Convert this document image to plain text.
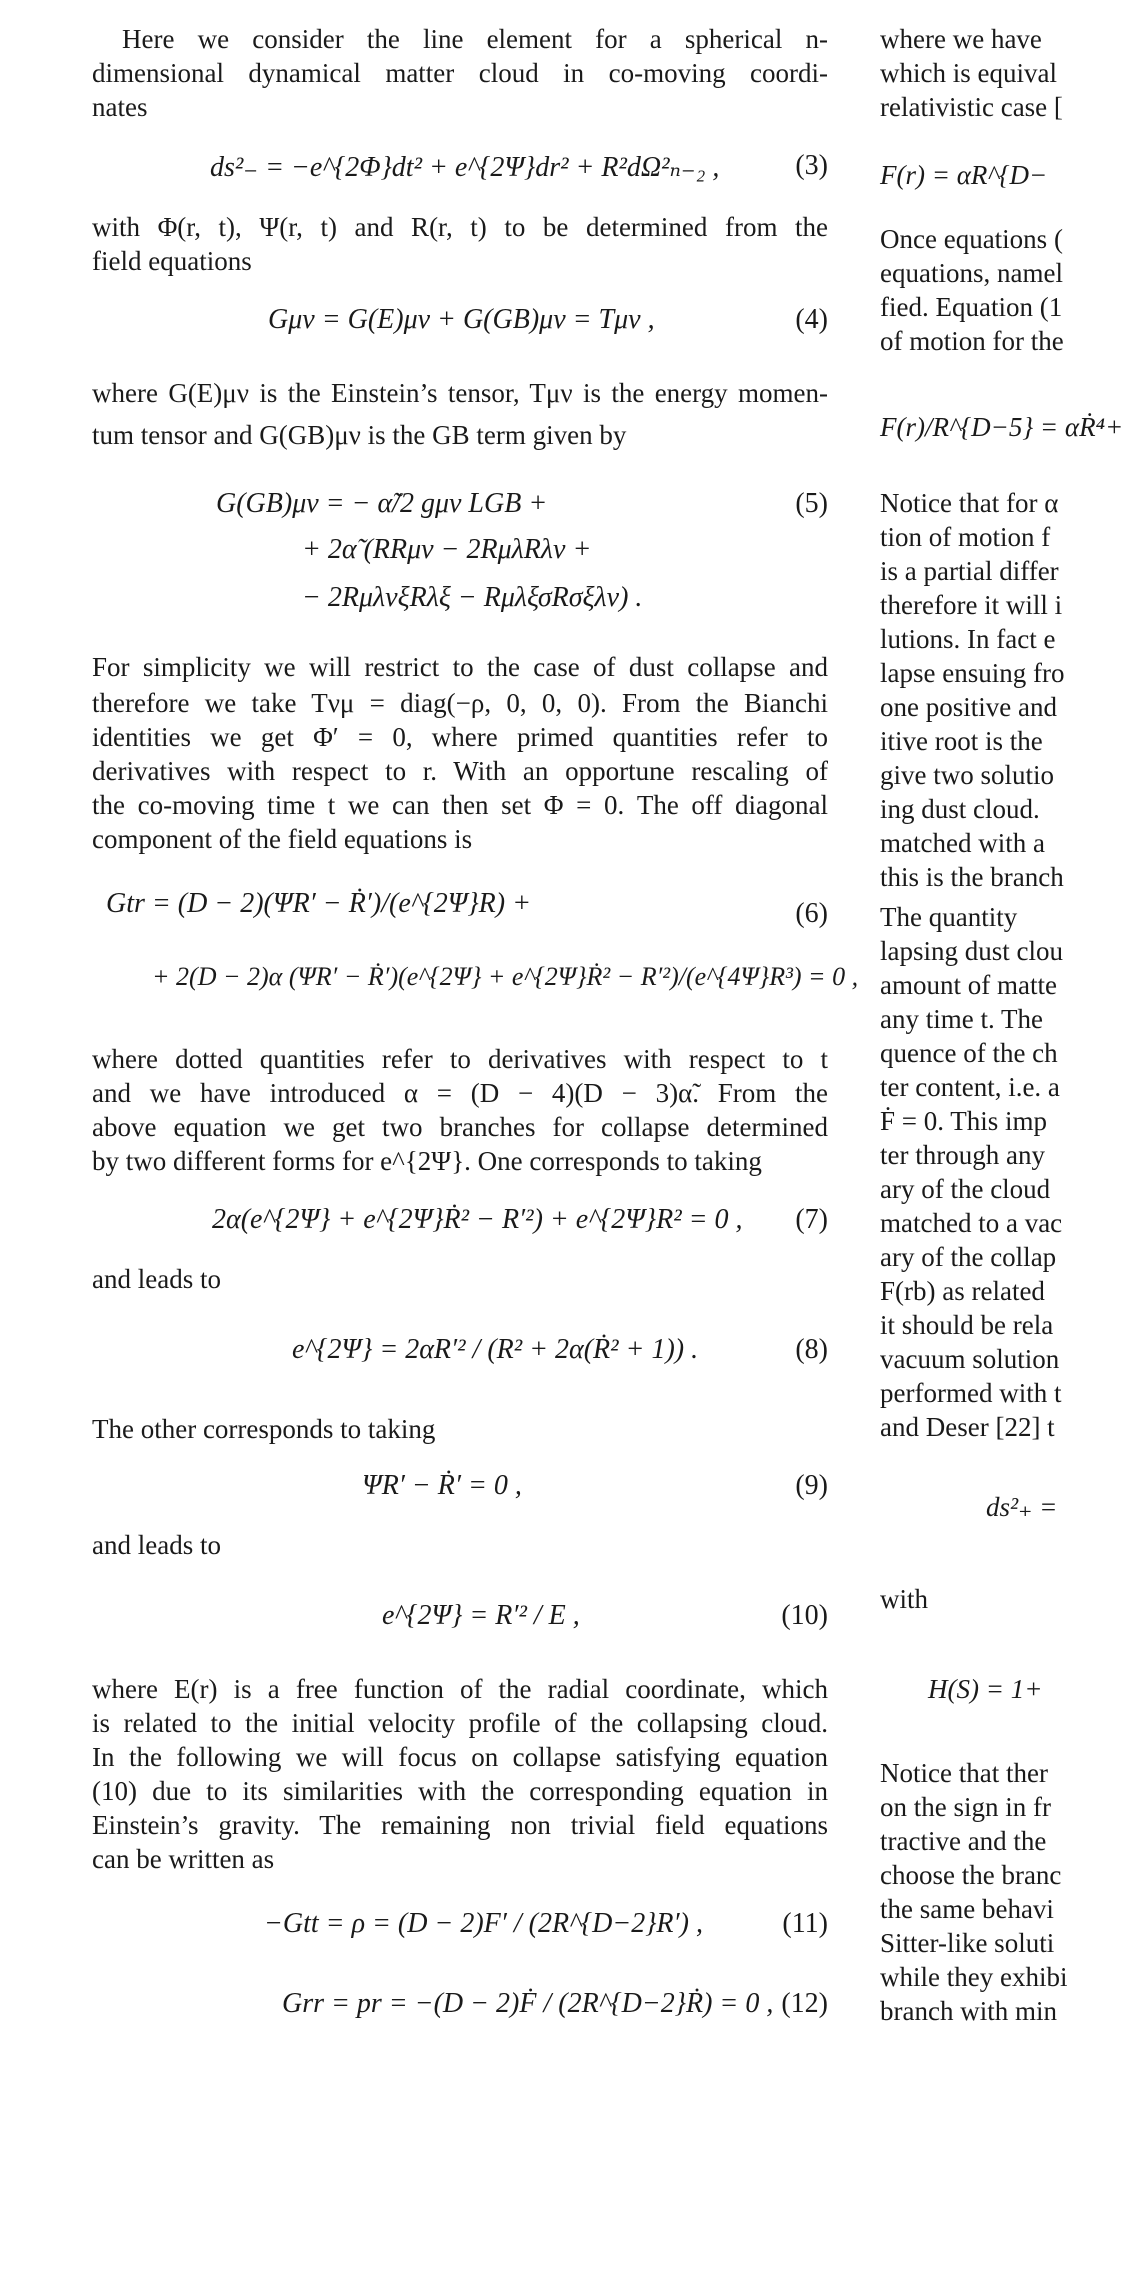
Here we consider the line element for a spherical n-
dimensional dynamical matter cloud in co-moving coordi-
nates
ds²₋ = −e^{2Φ}dt² + e^{2Ψ}dr² + R²dΩ²ₙ₋₂ ,	(3)
with Φ(r, t), Ψ(r, t) and R(r, t) to be determined from the
field equations
Gμν = G(E)μν + G(GB)μν = Tμν ,	(4)
where G(E)μν is the Einstein’s tensor, Tμν is the energy momen-
tum tensor and G(GB)μν is the GB term given by
G(GB)μν = − α̃/2 gμν LGB +
+ 2α̃ (RRμν − 2RμλRλν +
− 2RμλνξRλξ − RμλξσRσξλν) .
(5)
For simplicity we will restrict to the case of dust collapse and
therefore we take Tνμ = diag(−ρ, 0, 0, 0). From the Bianchi
identities we get Φ′ = 0, where primed quantities refer to
derivatives with respect to r. With an opportune rescaling of
the co-moving time t we can then set Φ = 0. The off diagonal
component of the field equations is
Gtr = (D − 2)(Ψ̇R′ − Ṙ′)/(e^{2Ψ}R) +
+ 2(D − 2)α (Ψ̇R′ − Ṙ′)(e^{2Ψ} + e^{2Ψ}Ṙ² − R′²)/(e^{4Ψ}R³) = 0 ,
(6)
where dotted quantities refer to derivatives with respect to t
and we have introduced α = (D − 4)(D − 3)α̃. From the
above equation we get two branches for collapse determined
by two different forms for e^{2Ψ}. One corresponds to taking
2α(e^{2Ψ} + e^{2Ψ}Ṙ² − R′²) + e^{2Ψ}R² = 0 , (7)
and leads to
e^{2Ψ} = 2αR′² / (R² + 2α(Ṙ² + 1)) .	(8)
The other corresponds to taking
Ψ̇R′ − Ṙ′ = 0 ,	(9)
and leads to
e^{2Ψ} = R′² / E ,	(10)
where E(r) is a free function of the radial coordinate, which
is related to the initial velocity profile of the collapsing cloud.
In the following we will focus on collapse satisfying equation
(10) due to its similarities with the corresponding equation in
Einstein’s gravity. The remaining non trivial field equations
can be written as
−Gtt = ρ = (D − 2)F′ / (2R^{D−2}R′) ,	(11)
Grr = pr = −(D − 2)Ḟ / (2R^{D−2}Ṙ) = 0 , (12)
where we have
which is equival
relativistic case [
F(r) = αR^{D−
Once equations (
equations, namel
fied. Equation (1
of motion for the
F(r)/R^{D−5} = αṘ⁴+
Notice that for α
tion of motion f
is a partial differ
therefore it will i
lutions. In fact e
lapse ensuing fro
one positive and
itive root is the
give two solutio
ing dust cloud.
matched with a
this is the branch
The quantity
lapsing dust clou
amount of matte
any time t. The
quence of the ch
ter content, i.e. a
Ḟ = 0. This imp
ter through any
ary of the cloud
matched to a vac
ary of the collap
F(rb) as related
it should be rela
vacuum solution
performed with t
and Deser [22] t
ds²₊ =
with
H(S) = 1+
Notice that ther
on the sign in fr
tractive and the
choose the branc
the same behavi
Sitter-like soluti
while they exhibi
branch with min
